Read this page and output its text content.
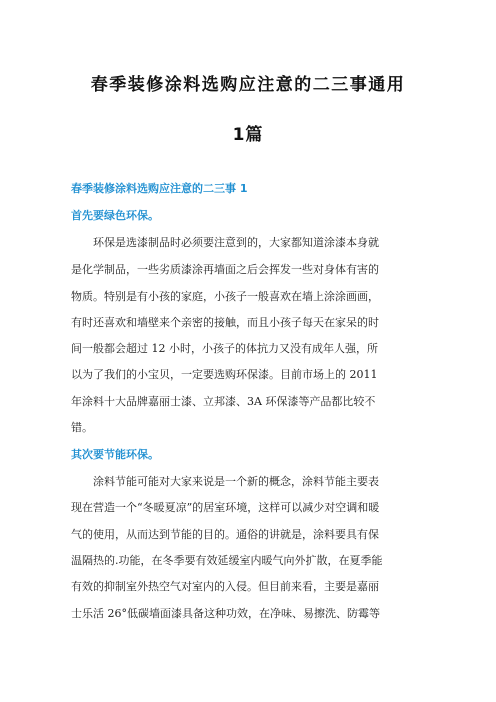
春季装修涂料选购应注意的二三事通用
1篇
春季装修涂料选购应注意的二三事 1
首先要绿色环保。
环保是选漆制品时必须要注意到的，大家都知道涂漆本身就
是化学制品，一些劣质漆涂再墙面之后会挥发一些对身体有害的
物质。特别是有小孩的家庭，小孩子一般喜欢在墙上涂涂画画，
有时还喜欢和墙壁来个亲密的接触，而且小孩子每天在家呆的时
间一般都会超过 12 小时，小孩子的体抗力又没有成年人强，所
以为了我们的小宝贝，一定要选购环保漆。目前市场上的 2011
年涂料十大品牌嘉丽士漆、立邦漆、3A 环保漆等产品都比较不
错。
其次要节能环保。
涂料节能可能对大家来说是一个新的概念，涂料节能主要表
现在营造一个“冬暖夏凉”的居室环境，这样可以减少对空调和暖
气的使用，从而达到节能的目的。通俗的讲就是，涂料要具有保
温隔热的.功能，在冬季要有效延缓室内暖气向外扩散，在夏季能
有效的抑制室外热空气对室内的入侵。但目前来看，主要是嘉丽
士乐活 26°低碳墙面漆具备这种功效，在净味、易擦洗、防霉等
